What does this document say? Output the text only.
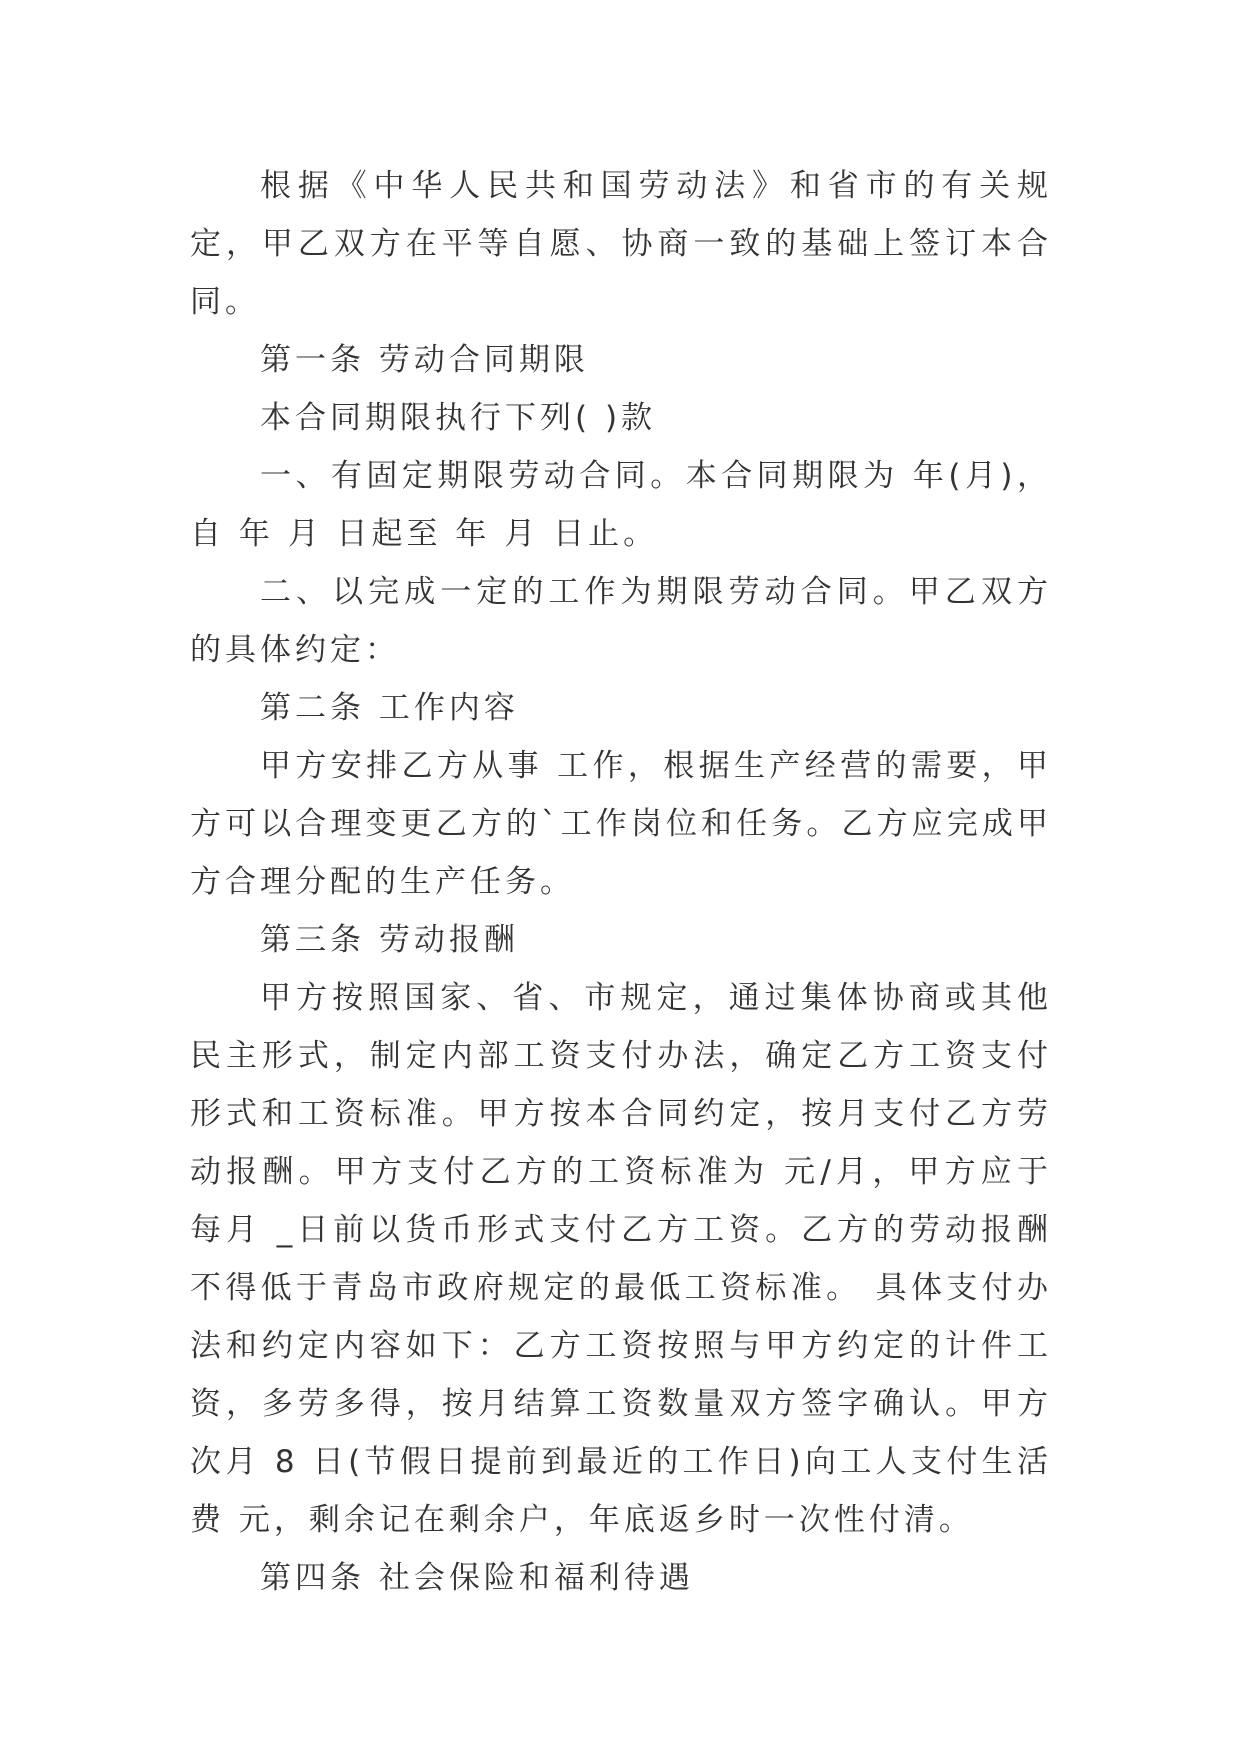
根据《中华人民共和国劳动法》和省市的有关规定，甲乙双方在平等自愿、协商一致的基础上签订本合同。

第一条 劳动合同期限

本合同期限执行下列( )款

一、有固定期限劳动合同。本合同期限为 年(月)，自 年 月 日起至 年 月 日止。

二、以完成一定的工作为期限劳动合同。甲乙双方的具体约定：

第二条 工作内容

甲方安排乙方从事 工作，根据生产经营的需要，甲方可以合理变更乙方的`工作岗位和任务。乙方应完成甲方合理分配的生产任务。

第三条 劳动报酬

甲方按照国家、省、市规定，通过集体协商或其他民主形式，制定内部工资支付办法，确定乙方工资支付形式和工资标准。甲方按本合同约定，按月支付乙方劳动报酬。甲方支付乙方的工资标准为 元/月，甲方应于每月 _日前以货币形式支付乙方工资。乙方的劳动报酬不得低于青岛市政府规定的最低工资标准。 具体支付办法和约定内容如下：乙方工资按照与甲方约定的计件工资，多劳多得，按月结算工资数量双方签字确认。甲方次月 8 日(节假日提前到最近的工作日)向工人支付生活费 元，剩余记在剩余户，年底返乡时一次性付清。

第四条 社会保险和福利待遇
